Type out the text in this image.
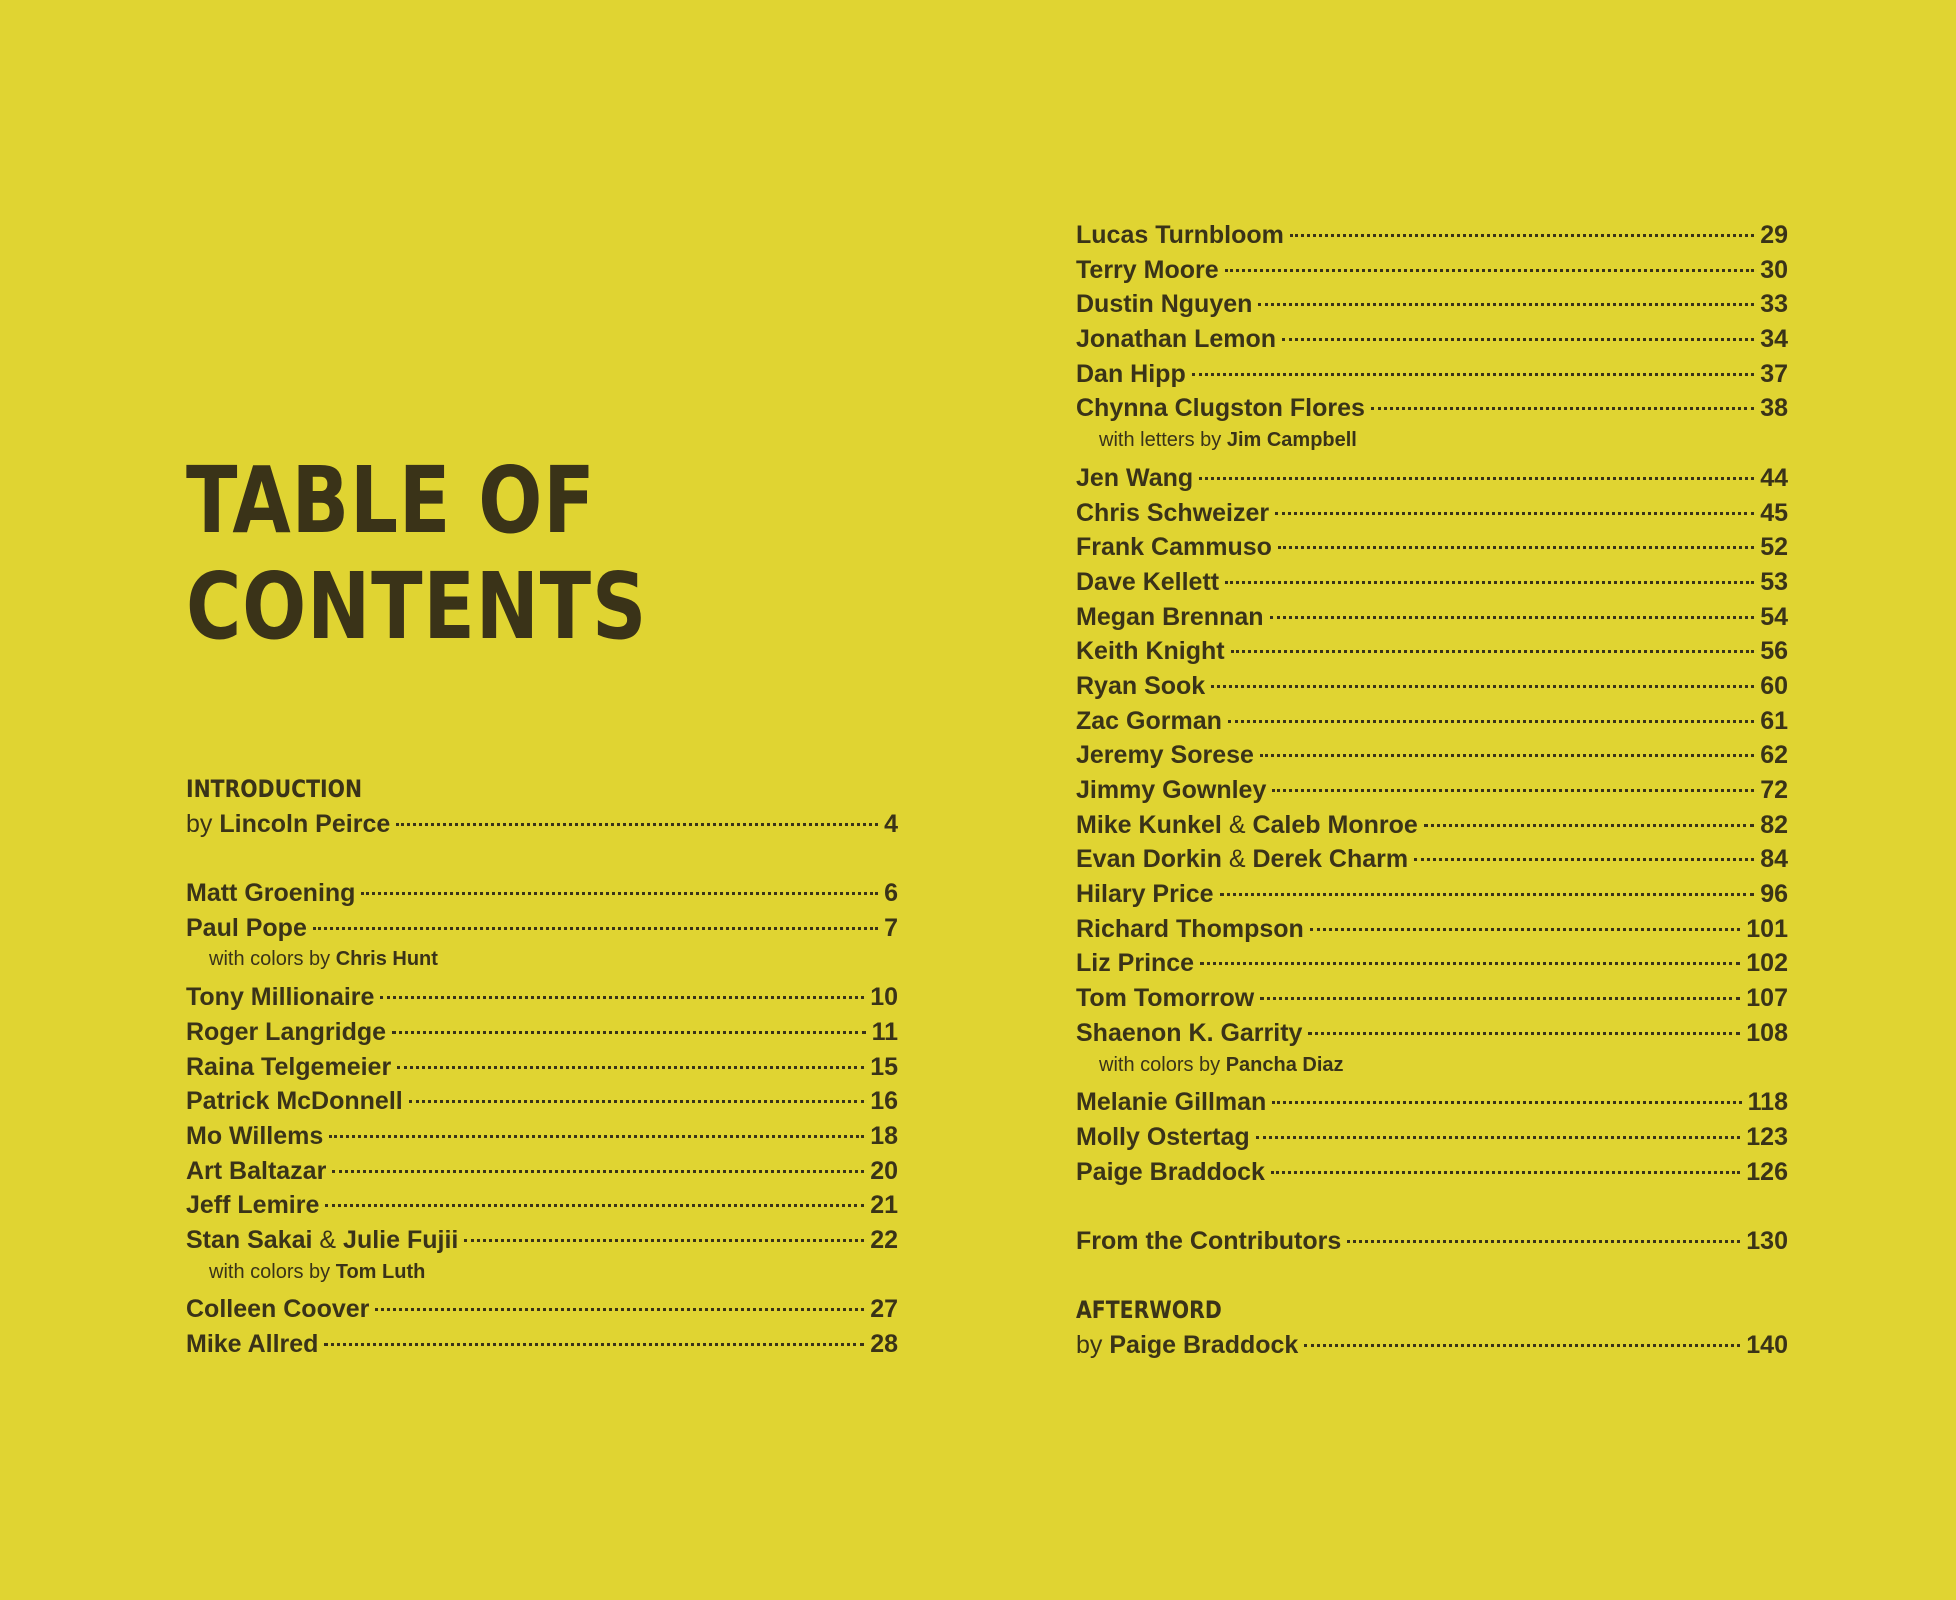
TABLE OF
CONTENTS
INTRODUCTION
by Lincoln Peirce	4
Matt Groening	6
Paul Pope	7
with colors by Chris Hunt
Tony Millionaire	10
Roger Langridge	11
Raina Telgemeier	15
Patrick McDonnell	16
Mo Willems	18
Art Baltazar	20
Jeff Lemire	21
Stan Sakai & Julie Fujii	22
with colors by Tom Luth
Colleen Coover	27
Mike Allred	28
Lucas Turnbloom	29
Terry Moore	30
Dustin Nguyen	33
Jonathan Lemon	34
Dan Hipp	37
Chynna Clugston Flores	38
with letters by Jim Campbell
Jen Wang	44
Chris Schweizer	45
Frank Cammuso	52
Dave Kellett	53
Megan Brennan	54
Keith Knight	56
Ryan Sook	60
Zac Gorman	61
Jeremy Sorese	62
Jimmy Gownley	72
Mike Kunkel & Caleb Monroe	82
Evan Dorkin & Derek Charm	84
Hilary Price	96
Richard Thompson	101
Liz Prince	102
Tom Tomorrow	107
Shaenon K. Garrity	108
with colors by Pancha Diaz
Melanie Gillman	118
Molly Ostertag	123
Paige Braddock	126
From the Contributors	130
AFTERWORD
by Paige Braddock	140
